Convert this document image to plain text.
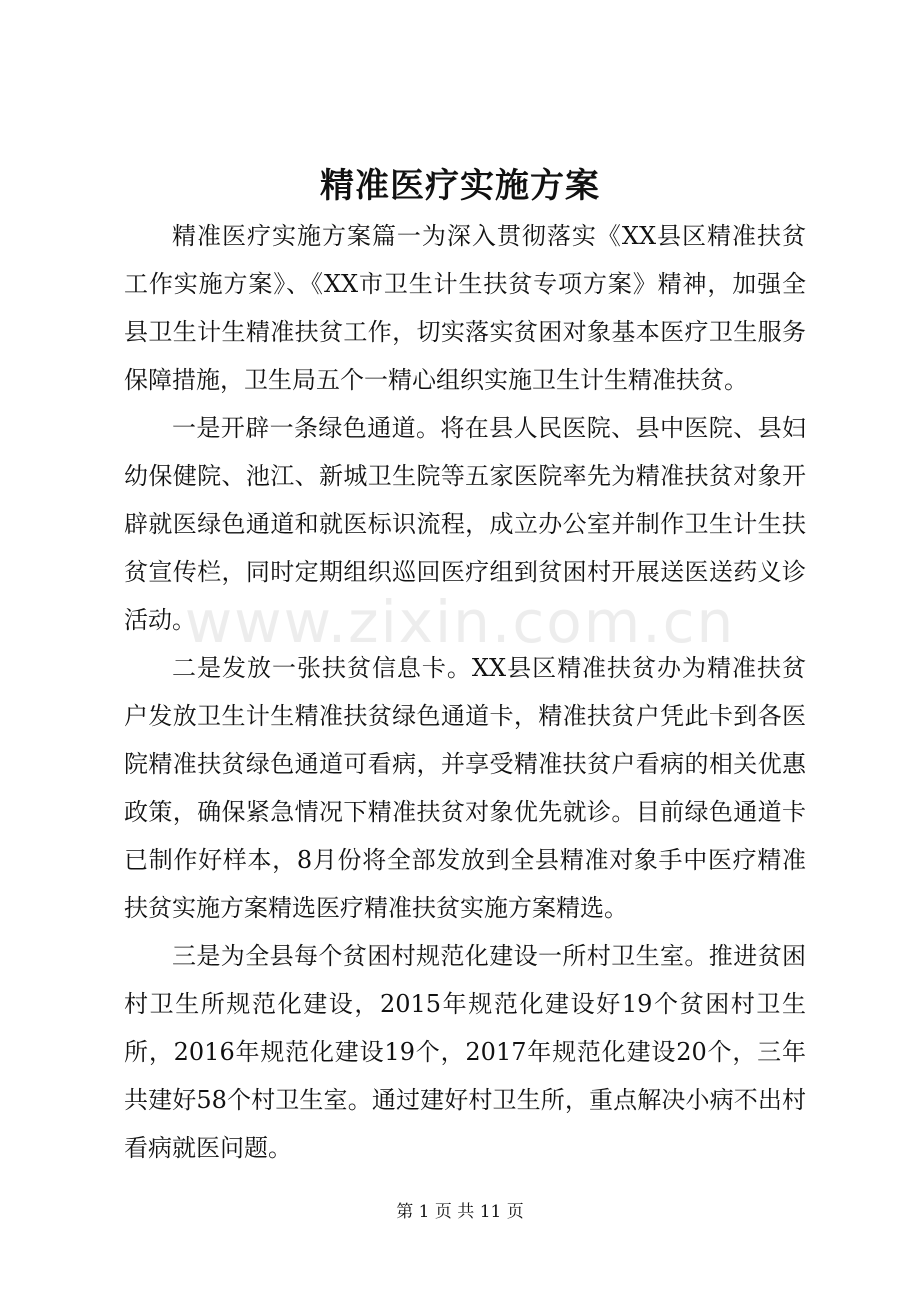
精准医疗实施方案

精准医疗实施方案篇一为深入贯彻落实《XX县区精准扶贫工作实施方案》、《XX市卫生计生扶贫专项方案》精神，加强全县卫生计生精准扶贫工作，切实落实贫困对象基本医疗卫生服务保障措施，卫生局五个一精心组织实施卫生计生精准扶贫。

一是开辟一条绿色通道。将在县人民医院、县中医院、县妇幼保健院、池江、新城卫生院等五家医院率先为精准扶贫对象开辟就医绿色通道和就医标识流程，成立办公室并制作卫生计生扶贫宣传栏，同时定期组织巡回医疗组到贫困村开展送医送药义诊活动。

二是发放一张扶贫信息卡。XX县区精准扶贫办为精准扶贫户发放卫生计生精准扶贫绿色通道卡，精准扶贫户凭此卡到各医院精准扶贫绿色通道可看病，并享受精准扶贫户看病的相关优惠政策，确保紧急情况下精准扶贫对象优先就诊。目前绿色通道卡已制作好样本，8月份将全部发放到全县精准对象手中医疗精准扶贫实施方案精选医疗精准扶贫实施方案精选。

三是为全县每个贫困村规范化建设一所村卫生室。推进贫困村卫生所规范化建设，2015年规范化建设好19个贫困村卫生所，2016年规范化建设19个，2017年规范化建设20个，三年共建好58个村卫生室。通过建好村卫生所，重点解决小病不出村看病就医问题。

www.zixin.com.cn
第 1 页 共 11 页
